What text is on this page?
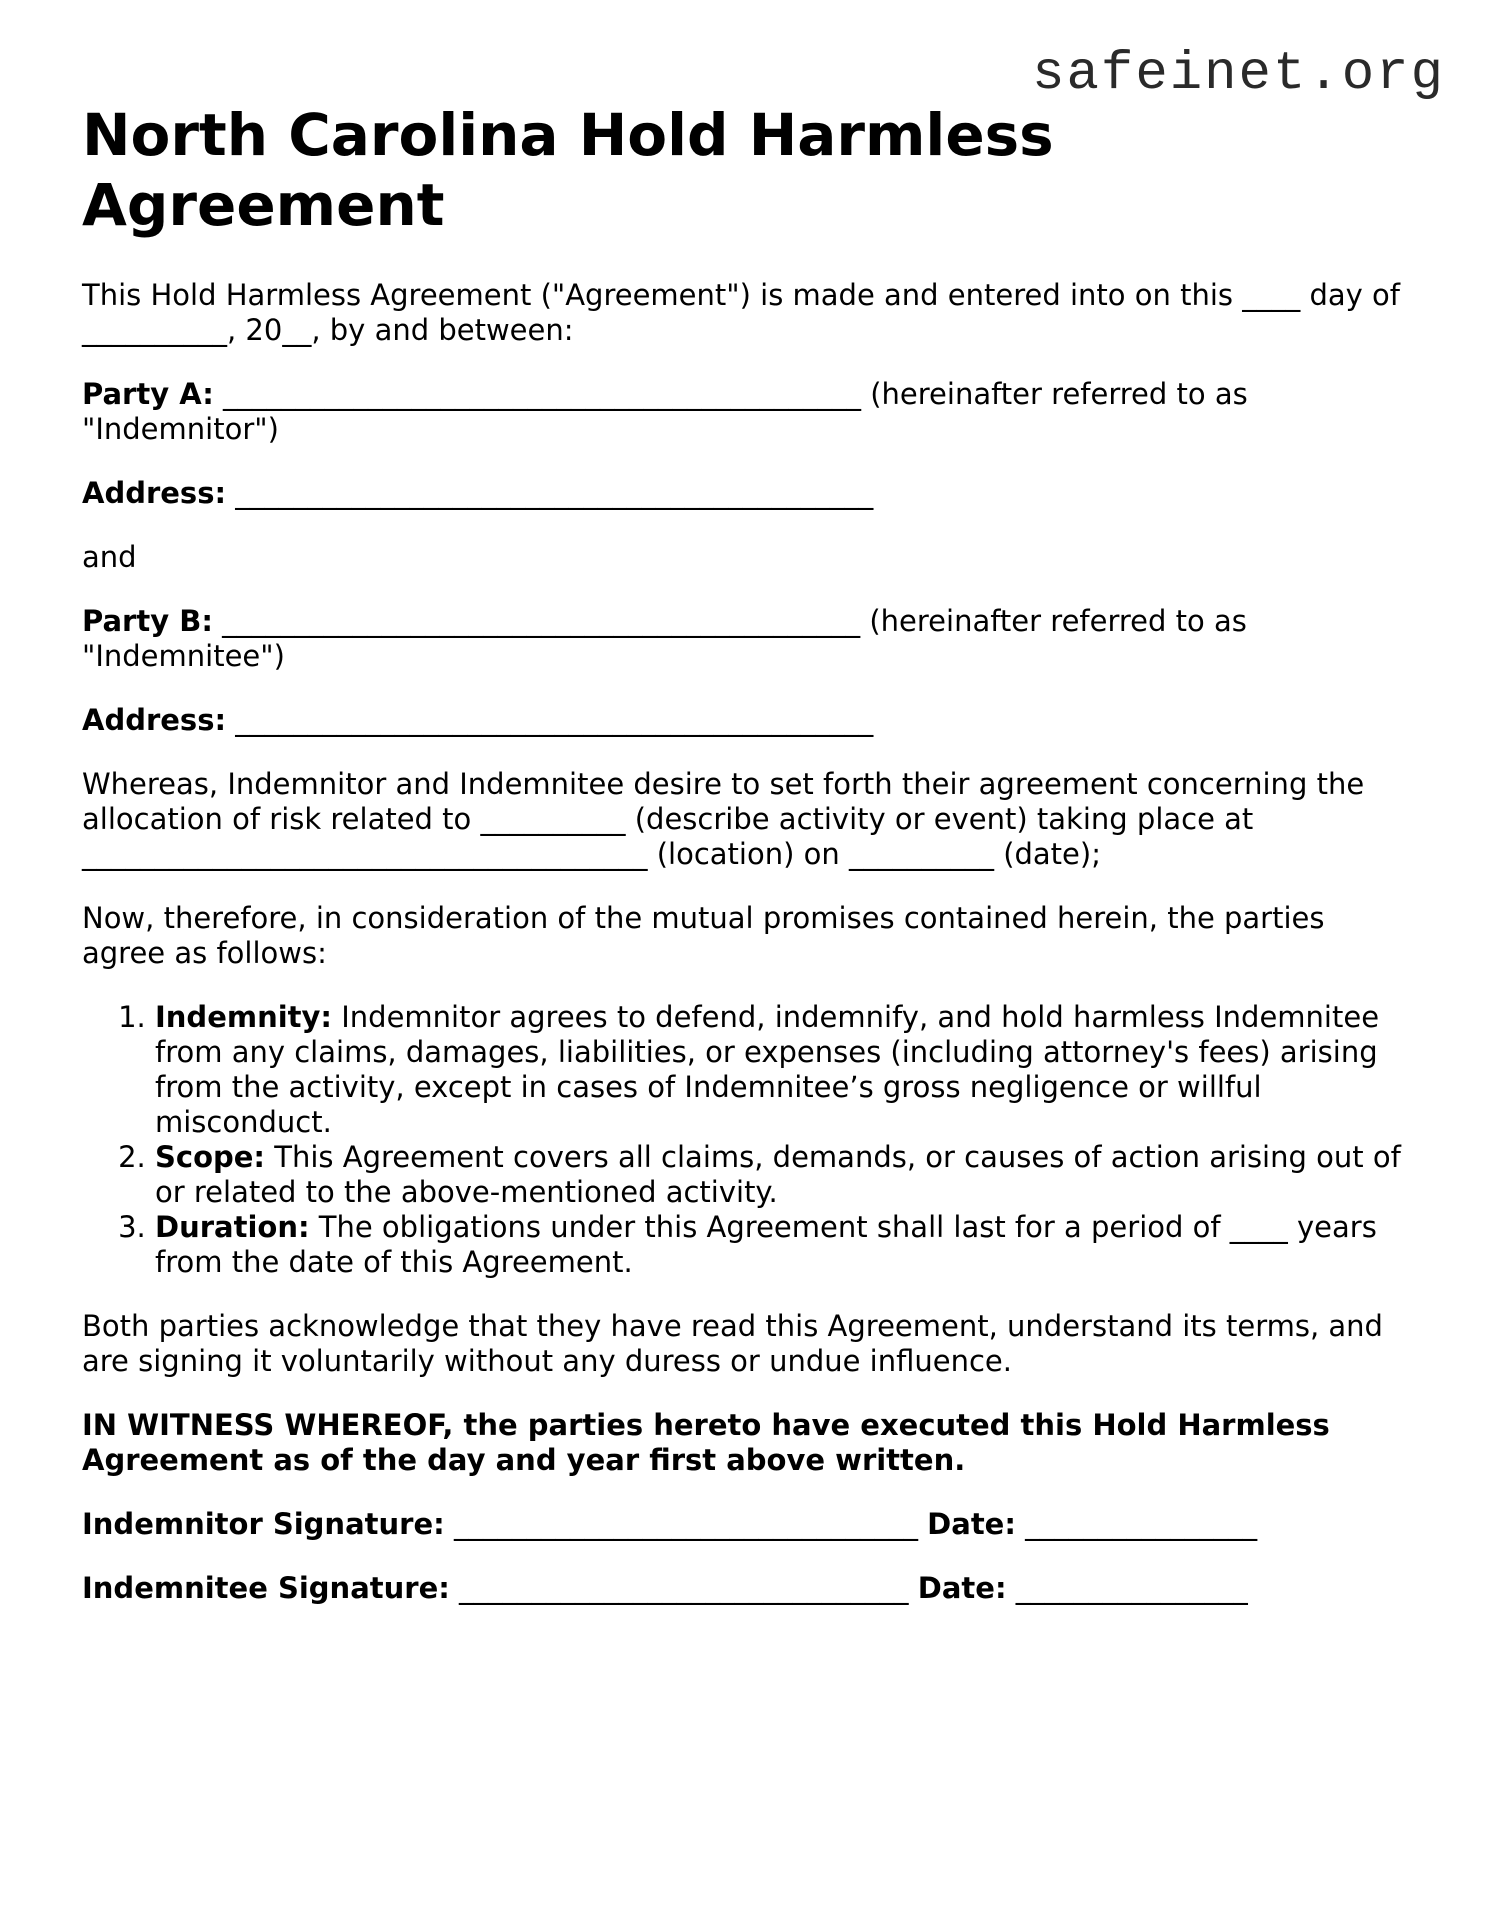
safeinet.org
North Carolina Hold Harmless Agreement

This Hold Harmless Agreement ("Agreement") is made and entered into on this ____ day of __________, 20__, by and between:

Party A: ____________________________________________ (hereinafter referred to as "Indemnitor")

Address: ____________________________________________

and

Party B: ____________________________________________ (hereinafter referred to as "Indemnitee")

Address: ____________________________________________

Whereas, Indemnitor and Indemnitee desire to set forth their agreement concerning the allocation of risk related to __________ (describe activity or event) taking place at _______________________________________ (location) on __________ (date);

Now, therefore, in consideration of the mutual promises contained herein, the parties agree as follows:

1. Indemnity: Indemnitor agrees to defend, indemnify, and hold harmless Indemnitee from any claims, damages, liabilities, or expenses (including attorney's fees) arising from the activity, except in cases of Indemnitee’s gross negligence or willful misconduct.
2. Scope: This Agreement covers all claims, demands, or causes of action arising out of or related to the above-mentioned activity.
3. Duration: The obligations under this Agreement shall last for a period of ____ years from the date of this Agreement.

Both parties acknowledge that they have read this Agreement, understand its terms, and are signing it voluntarily without any duress or undue influence.

IN WITNESS WHEREOF, the parties hereto have executed this Hold Harmless Agreement as of the day and year first above written.

Indemnitor Signature: ________________________________ Date: ________________

Indemnitee Signature: _______________________________ Date: ________________
